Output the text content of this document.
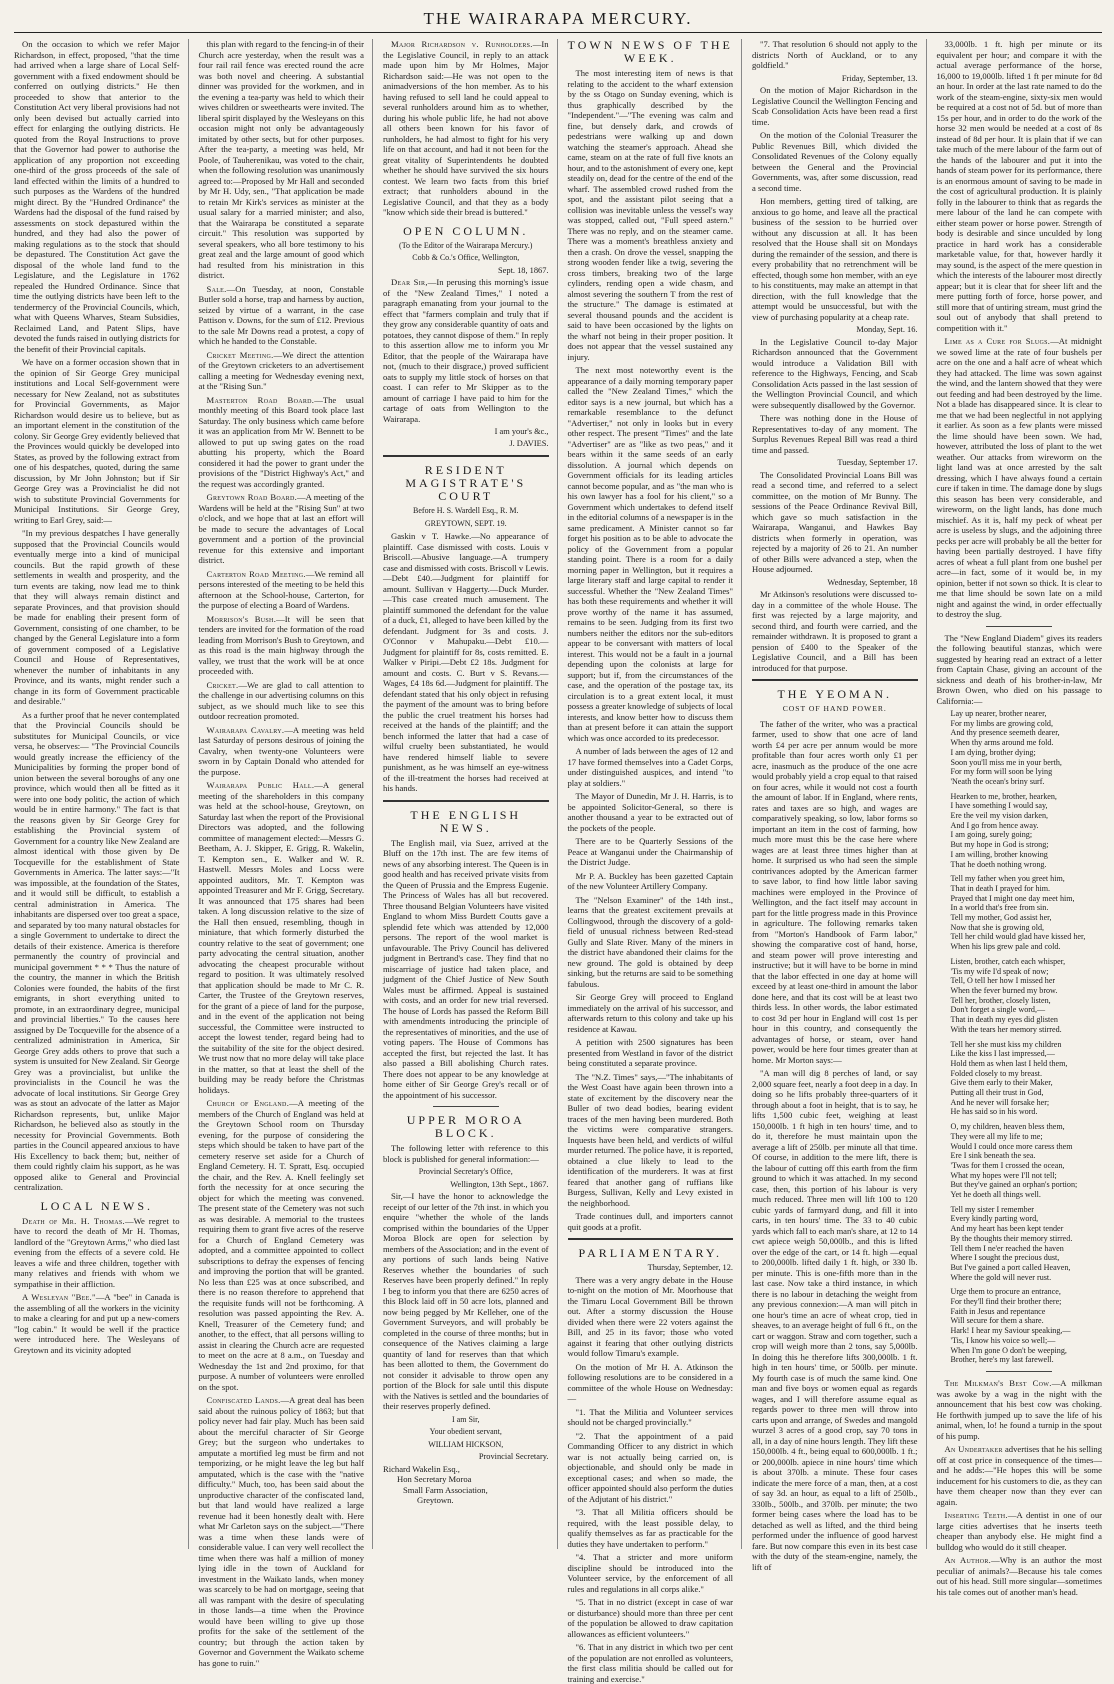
THE WAIRARAPA MERCURY.

On the occasion to which we refer Major Richardson, in effect, proposed, "that the time had arrived when a large share of Local Self-government with a fixed endowment should be conferred on outlying districts." He then proceeded to show that anterior to the Constitution Act very liberal provisions had not only been devised but actually carried into effect for enlarging the outlying districts. He quoted from the Royal Instructions to prove that the Governor had power to authorise the application of any proportion not exceeding one-third of the gross proceeds of the sale of land effected within the limits of a hundred to such purposes as the Wardens of the hundred might direct. By the "Hundred Ordinance" the Wardens had the disposal of the fund raised by assessments on stock depastured within the hundred, and they had also the power of making regulations as to the stock that should be depastured. The Constitution Act gave the disposal of the whole land fund to the Legislature, and the Legislature in 1762 repealed the Hundred Ordinance. Since that time the outlying districts have been left to the tendermercy of the Provincial Councils, which, what with Queens Wharves, Steam Subsidies, Reclaimed Land, and Patent Slips, have devoted the funds raised in outlying districts for the benefit of their Provincial capitals.

We have on a former occasion shown that in the opinion of Sir George Grey municipal institutions and Local Self-government were necessary for New Zealand, not as substitutes for Provincial Governments, as Major Richardson would desire us to believe, but as an important element in the constitution of the colony. Sir George Grey evidently believed that the Provinces would quickly be developed into States, as proved by the following extract from one of his despatches, quoted, during the same discussion, by Mr John Johnston; but if Sir George Grey was a Provincialist he did not wish to substitute Provincial Governments for Municipal Institutions. Sir George Grey, writing to Earl Grey, said:—

"In my previous despatches I have generally supposed that the Provincial Councils would eventually merge into a kind of municipal councils. But the rapid growth of these settlements in wealth and prosperity, and the turn events are taking, now lead me to think that they will always remain distinct and separate Provinces, and that provision should be made for enabling their present form of Government, consisting of one chamber, to be changed by the General Legislature into a form of government composed of a Legislative Council and House of Representatives, whenever the number of inhabitants in any Province, and its wants, might render such a change in its form of Government practicable and desirable."

As a further proof that he never contemplated that the Provincial Councils should be substitutes for Municipal Councils, or vice versa, he observes:— "The Provincial Councils would greatly increase the efficiency of the Municipalities by forming the proper bond of union between the several boroughs of any one province, which would then all be fitted as it were into one body politic, the action of which would be in entire harmony." The fact is that the reasons given by Sir George Grey for establishing the Provincial system of Government for a country like New Zealand are almost identical with those given by De Tocqueville for the establishment of State Governments in America. The latter says:—"It was impossible, at the foundation of the States, and it would still be difficult, to establish a central administration in America. The inhabitants are dispersed over too great a space, and separated by too many natural obstacles for a single Government to undertake to direct the details of their existence. America is therefore permanently the country of provincial and municipal government * * * Thus the nature of the country, the manner in which the British Colonies were founded, the habits of the first emigrants, in short everything united to promote, in an extraordinary degree, municipal and provincial liberties." To the causes here assigned by De Tocqueville for the absence of a centralized administration in America, Sir George Grey adds others to prove that such a system is unsuited for New Zealand. Sir George Grey was a provincialist, but unlike the provincialists in the Council he was the advocate of local institutions. Sir George Grey was as stout an advocate of the latter as Major Richardson represents, but, unlike Major Richardson, he believed also as stoutly in the necessity for Provincial Governments. Both parties in the Council appeared anxious to have His Excellency to back them; but, neither of them could rightly claim his support, as he was opposed alike to General and Provincial centralization.

LOCAL NEWS.

Death of Mr. H. Thomas.—We regret to have to record the death of Mr H. Thomas, landlord of the "Greytown Arms," who died last evening from the effects of a severe cold. He leaves a wife and three children, together with many relatives and friends with whom we sympathise in their affliction.

A Wesleyan "Bee."—A "bee" in Canada is the assembling of all the workers in the vicinity to make a clearing for and put up a new-comers "log cabin." It would be well if the practice were introduced here. The Wesleyans of Greytown and its vicinity adopted

this plan with regard to the fencing-in of their Church acre yesterday, when the result was a four rail rail fence was erected round the acre was both novel and cheering. A substantial dinner was provided for the workmen, and in the evening a tea-party was held to which their wives children or sweethearts were invited. The liberal spirit displayed by the Wesleyans on this occasion might not only be advantageously imitated by other sects, but for other purposes. After the tea-party, a meeting was held, Mr Poole, of Tauherenikau, was voted to the chair, when the following resolution was unanimously agreed to:—Proposed by Mr Hall and seconded by Mr H. Udy, sen., "That application be made to retain Mr Kirk's services as minister at the usual salary for a married minister; and also, that the Wairarapa be constituted a separate circuit." This resolution was supported by several speakers, who all bore testimony to his great zeal and the large amount of good which had resulted from his ministration in this district.

Sale.—On Tuesday, at noon, Constable Butler sold a horse, trap and harness by auction, seized by virtue of a warrant, in the case Pattison v. Downs, for the sum of £12. Previous to the sale Mr Downs read a protest, a copy of which he handed to the Constable.

Cricket Meeting.—We direct the attention of the Greytown cricketers to an advertisement calling a meeting for Wednesday evening next, at the "Rising Sun."

Masterton Road Board.—The usual monthly meeting of this Board took place last Saturday. The only business which came before it was an application from Mr W. Bennett to be allowed to put up swing gates on the road abutting his property, which the Board considered it had the power to grant under the provisions of the "District Highway's Act," and the request was accordingly granted.

Greytown Road Board.—A meeting of the Wardens will be held at the "Rising Sun" at two o'clock, and we hope that at last an effort will be made to secure the advantages of Local government and a portion of the provincial revenue for this extensive and important district.

Carterton Road Meeting.—We remind all persons interested of the meeting to be held this afternoon at the School-house, Carterton, for the purpose of electing a Board of Wardens.

Morrison's Bush.—It will be seen that tenders are invited for the formation of the road leading from Morrison's Bush to Greytown, and as this road is the main highway through the valley, we trust that the work will be at once proceeded with.

Cricket.—We are glad to call attention to the challenge in our advertising columns on this subject, as we should much like to see this outdoor recreation promoted.

Wairarapa Cavalry.—A meeting was held last Saturday of persons desirous of joining the Cavalry, when twenty-one Volunteers were sworn in by Captain Donald who attended for the purpose.

Wairarapa Public Hall.—A general meeting of the shareholders in this company was held at the school-house, Greytown, on Saturday last when the report of the Provisional Directors was adopted, and the following committee of management elected:—Messrs G. Beetham, A. J. Skipper, E. Grigg, R. Wakelin, T. Kempton sen., E. Walker and W. R. Hastwell. Messrs Moles and Locss were appointed auditors, Mr. T. Kempton was appointed Treasurer and Mr F. Grigg, Secretary. It was announced that 175 shares had been taken. A long discussion relative to the size of the Hall then ensued, resembling, though in miniature, that which formerly disturbed the country relative to the seat of government; one party advocating the central situation, another advocating the cheapest procurable without regard to position. It was ultimately resolved that application should be made to Mr C. R. Carter, the Trustee of the Greytown reserves, for the grant of a piece of land for the purpose, and in the event of the application not being successful, the Committee were instructed to accept the lowest tender, regard being had to the suitability of the site for the object desired. We trust now that no more delay will take place in the matter, so that at least the shell of the building may be ready before the Christmas holidays.

Church of England.—A meeting of the members of the Church of England was held at the Greytown School room on Thursday evening, for the purpose of considering the steps which should be taken to have part of the cemetery reserve set aside for a Church of England Cemetery. H. T. Spratt, Esq. occupied the chair, and the Rev. A. Knell feelingly set forth the necessity for at once securing the object for which the meeting was convened. The present state of the Cemetery was not such as was desirable. A memorial to the trustees requiring them to grant five acres of the reserve for a Church of England Cemetery was adopted, and a committee appointed to collect subscriptions to defray the expenses of fencing and improving the portion that will be granted. No less than £25 was at once subscribed, and there is no reason therefore to apprehend that the requisite funds will not be forthcoming. A resolution was passed appointing the Rev. A. Knell, Treasurer of the Cemetery fund; and another, to the effect, that all persons willing to assist in clearing the Church acre are requested to meet on the acre at 8 a.m., on Tuesday and Wednesday the 1st and 2nd proximo, for that purpose. A number of volunteers were enrolled on the spot.

Confiscated Lands.—A great deal has been said about the ruinous policy of 1863; but that policy never had fair play. Much has been said about the merciful character of Sir George Grey; but the surgeon who undertakes to amputate a mortified leg must be firm and not temporizing, or he might leave the leg but half amputated, which is the case with the "native difficulty." Much, too, has been said about the unproductive character of the confiscated land, but that land would have realized a large revenue had it been honestly dealt with. Here what Mr Carleton says on the subject.—"There was a time when these lands were of considerable value. I can very well recollect the time when there was half a million of money lying idle in the town of Auckland for investment in the Waikato lands, when money was scarcely to be had on mortgage, seeing that all was rampant with the desire of speculating in those lands—a time when the Province would have been willing to give up those profits for the sake of the settlement of the country; but through the action taken by Governor and Government the Waikato scheme has gone to ruin."

Major Richardson v. Runholders.—In the Legislative Council, in reply to an attack made upon him by Mr Holmes, Major Richardson said:—He was not open to the animadversions of the hon member. As to his having refused to sell land he could appeal to several runholders around him as to whether, during his whole public life, he had not above all others been known for his favor of runholders, he had almost to fight for his very life on that account, and had it not been for the great vitality of Superintendents he doubted whether he should have survived the six hours contest. We learn two facts from this brief extract; that runholders abound in the Legislative Council, and that they as a body "know which side their bread is buttered."

OPEN COLUMN.
(To the Editor of the Wairarapa Mercury.)
Cobb & Co.'s Office, Wellington,
Sept. 18, 1867.

Dear Sir,—In perusing this morning's issue of the "New Zealand Times," I noted a paragraph emanating from your journal to the effect that "farmers complain and truly that if they grow any considerable quantity of oats and potatoes, they cannot dispose of them." In reply to this assertion allow me to inform you Mr Editor, that the people of the Wairarapa have not, (much to their disgrace,) proved sufficient oats to supply my little stock of horses on that coast. I can refer to Mr Skipper as to the amount of carriage I have paid to him for the cartage of oats from Wellington to the Wairarapa.

I am your's &c.,
J. DAVIES.
RESIDENT MAGISTRATE'S COURT
Before H. S. Wardell Esq., R. M.
GREYTOWN, SEPT. 19.

Gaskin v T. Hawke.—No appearance of plaintiff. Case dismissed with costs. Louis v Briscoll.—Abusive language.—A trumpery case and dismissed with costs. Briscoll v Lewis.—Debt £40.—Judgment for plaintiff for amount. Sullivan v Haggerty.—Duck Murder.—This case created much amusement. The plaintiff summoned the defendant for the value of a duck, £1, alleged to have been killed by the defendant. Judgment for 3s and costs. J. O'Connor v Mahupaku.—Debt £10.—Judgment for plaintiff for 8s, costs remitted. E. Walker v Piripi.—Debt £2 18s. Judgment for amount and costs. C. Burt v S. Revans.—Wages, £4 18s 6d.—Judgment for plaintiff. The defendant stated that his only object in refusing the payment of the amount was to bring before the public the cruel treatment his horses had received at the hands of the plaintiff; and the bench informed the latter that had a case of wilful cruelty been substantiated, he would have rendered himself liable to severe punishment, as he was himself an eye-witness of the ill-treatment the horses had received at his hands.

THE ENGLISH NEWS.

The English mail, via Suez, arrived at the Bluff on the 17th inst. The are few items of news of any absorbing interest. The Queen is in good health and has received private visits from the Queen of Prussia and the Empress Eugenie. The Princess of Wales has all but recovered. Three thousand Belgian Volunteers have visited England to whom Miss Burdett Coutts gave a splendid fete which was attended by 12,000 persons. The report of the wool market is unfavourable. The Privy Council has delivered judgment in Bertrand's case. They find that no miscarriage of justice had taken place, and judgment of the Chief Justice of New South Wales must be affirmed. Appeal is sustained with costs, and an order for new trial reversed. The house of Lords has passed the Reform Bill with amendments introducing the principle of the representatives of minorities, and the use of voting papers. The House of Commons has accepted the first, but rejected the last. It has also passed a Bill abolishing Church rates. There does not appear to be any knowledge at home either of Sir George Grey's recall or of the appointment of his successor.

UPPER MOROA BLOCK.

The following letter with reference to this block is published for general information:—

Provincial Secretary's Office,
Wellington, 13th Sept., 1867.

Sir,—I have the honor to acknowledge the receipt of our letter of the 7th inst. in which you enquire "whether the whole of the lands comprised within the boundaries of the Upper Moroa Block are open for selection by members of the Association; and in the event of any portions of such lands being Native Reserves whether the boundaries of such Reserves have been properly defined." In reply I beg to inform you that there are 6250 acres of this Block laid off in 50 acre lots, planned and now being pegged by Mr Kelleher, one of the Government Surveyors, and will probably be completed in the course of three months; but in consequence of the Natives claiming a large quantity of land for reserves than that which has been allotted to them, the Government do not consider it advisable to throw open any portion of the Block for sale until this dispute with the Natives is settled and the boundaries of their reserves properly defined.

I am Sir,
Your obedient servant,
WILLIAM HICKSON,
Provincial Secretary.
Richard Wakelin Esq.,
Hon Secretary Moroa
Small Farm Association,
Greytown.
TOWN NEWS OF THE WEEK.

The most interesting item of news is that relating to the accident to the wharf extension by the ss Otago on Sunday evening, which is thus graphically described by the "Independent."—"The evening was calm and fine, but densely dark, and crowds of pedestrians were walking up and down watching the steamer's approach. Ahead she came, steam on at the rate of full five knots an hour, and to the astonishment of every one, kept steadily on, dead for the centre of the end of the wharf. The assembled crowd rushed from the spot, and the assistant pilot seeing that a collision was inevitable unless the vessel's way was stopped, called out, "Full speed astern." There was no reply, and on the steamer came. There was a moment's breathless anxiety and then a crash. On drove the vessel, snapping the strong wooden fender like a twig, severing the cross timbers, breaking two of the large cylinders, rending open a wide chasm, and almost severing the southern T from the rest of the structure." The damage is estimated at several thousand pounds and the accident is said to have been occasioned by the lights on the wharf not being in their proper position. It does not appear that the vessel sustained any injury.

The next most noteworthy event is the appearance of a daily morning temporary paper called the "New Zealand Times," which the editor says is a new journal, but which has a remarkable resemblance to the defunct "Advertiser," not only in looks but in every other respect. The present "Times" and the late "Advertiser" are as "like as two peas," and it bears within it the same seeds of an early dissolution. A journal which depends on Government officials for its leading articles cannot become popular, and as "the man who is his own lawyer has a fool for his client," so a Government which undertakes to defend itself in the editorial columns of a newspaper is in the same predicament. A Minister cannot so far forget his position as to be able to advocate the policy of the Government from a popular standing point. There is a room for a daily morning paper in Wellington, but it requires a large literary staff and large capital to render it successful. Whether the "New Zealand Times" has both these requirements and whether it will prove worthy of the name it has assumed, remains to be seen. Judging from its first two numbers neither the editors nor the sub-editors appear to be conversant with matters of local interest. This would not be a fault in a journal depending upon the colonists at large for support; but if, from the circumstances of the case, and the operation of the postage tax, its circulation is to a great extent local, it must possess a greater knowledge of subjects of local interests, and know better how to discuss them than at present before it can attain the support which was once accorded to its predecessor.

A number of lads between the ages of 12 and 17 have formed themselves into a Cadet Corps, under distinguished auspices, and intend "to play at soldiers."

The Mayor of Dunedin, Mr J. H. Harris, is to be appointed Solicitor-General, so there is another thousand a year to be extracted out of the pockets of the people.

There are to be Quarterly Sessions of the Peace at Wanganui under the Chairmanship of the District Judge.

Mr P. A. Buckley has been gazetted Captain of the new Volunteer Artillery Company.

The "Nelson Examiner" of the 14th inst., learns that the greatest excitement prevails at Collingwood, through the discovery of a gold-field of unusual richness between Red-stead Gully and Slate River. Many of the miners in the district have abandoned their claims for the new ground. The gold is obtained by deep sinking, but the returns are said to be something fabulous.

Sir George Grey will proceed to England immediately on the arrival of his successor, and afterwards return to this colony and take up his residence at Kawau.

A petition with 2500 signatures has been presented from Westland in favor of the district being constituted a separate province.

The "N.Z. Times" says,—"The inhabitants of the West Coast have again been thrown into a state of excitement by the discovery near the Buller of two dead bodies, bearing evident traces of the men having been murdered. Both the victims were comparative strangers. Inquests have been held, and verdicts of wilful murder returned. The police have, it is reported, obtained a clue likely to lead to the identification of the murderers. It was at first feared that another gang of ruffians like Burgess, Sullivan, Kelly and Levy existed in the neighborhood.

Trade continues dull, and importers cannot quit goods at a profit.

PARLIAMENTARY.
Thursday, September, 12.

There was a very angry debate in the House to-night on the motion of Mr. Moorhouse that the Timaru Local Government Bill be thrown out. After a stormy discussion the House divided when there were 22 voters against the Bill, and 25 in its favor; those who voted against it fearing that other outlying districts would follow Timaru's example.

On the motion of Mr H. A. Atkinson the following resolutions are to be considered in a committee of the whole House on Wednesday:—

"1. That the Militia and Volunteer services should not be charged provincially."

"2. That the appointment of a paid Commanding Officer to any district in which war is not actually being carried on, is objectionable, and should only be made in exceptional cases; and when so made, the officer appointed should also perform the duties of the Adjutant of his district."

"3. That all Militia officers should be required, with the least possible delay, to qualify themselves as far as practicable for the duties they have undertaken to perform."

"4. That a stricter and more uniform discipline should be introduced into the Volunteer service, by the enforcement of all rules and regulations in all corps alike."

"5. That in no district (except in case of war or disturbance) should more than three per cent of the population be allowed to draw capitation allowances as efficient volunteers."

"6. That in any district in which two per cent of the population are not enrolled as volunteers, the first class militia should be called out for training and exercise."

"7. That resolution 6 should not apply to the districts North of Auckland, or to any goldfield."

Friday, September, 13.

On the motion of Major Richardson in the Legislative Council the Wellington Fencing and Scab Consolidation Acts have been read a first time.

On the motion of the Colonial Treasurer the Public Revenues Bill, which divided the Consolidated Revenues of the Colony equally between the General and the Provincial Governments, was, after some discussion, read a second time.

Hon members, getting tired of talking, are anxious to go home, and leave all the practical business of the session to be hurried over without any discussion at all. It has been resolved that the House shall sit on Mondays during the remainder of the session, and there is every probability that no retrenchment will be effected, though some hon member, with an eye to his constituents, may make an attempt in that direction, with the full knowledge that the attempt would be unsuccessful, but with the view of purchasing popularity at a cheap rate.

Monday, Sept. 16.

In the Legislative Council to-day Major Richardson announced that the Government would introduce a Validation Bill with reference to the Highways, Fencing, and Scab Consolidation Acts passed in the last session of the Wellington Provincial Council, and which were subsequently disallowed by the Governor.

There was nothing done in the House of Representatives to-day of any moment. The Surplus Revenues Repeal Bill was read a third time and passed.

Tuesday, September 17.

The Consolidated Provincial Loans Bill was read a second time, and referred to a select committee, on the motion of Mr Bunny. The sessions of the Peace Ordinance Revival Bill, which gave so much satisfaction in the Wairarapa, Wanganui, and Hawkes Bay districts when formerly in operation, was rejected by a majority of 26 to 21. An number of other Bills were advanced a step, when the House adjourned.

Wednesday, September, 18

Mr Atkinson's resolutions were discussed to-day in a committee of the whole House. The first was rejected by a large majority, and second third, and fourth were carried, and the remainder withdrawn. It is proposed to grant a pension of £400 to the Speaker of the Legislative Council, and a Bill has been introduced for that purpose.

THE YEOMAN.
COST OF HAND POWER.

The father of the writer, who was a practical farmer, used to show that one acre of land worth £4 per acre per annum would be more profitable than four acres worth only £1 per acre, inasmuch as the produce of the one acre would probably yield a crop equal to that raised on four acres, while it would not cost a fourth the amount of labor. If in England, where rents, rates and taxes are so high, and wages are comparatively speaking, so low, labor forms so important an item in the cost of farming, how much more must this be the case here where wages are at least three times higher than at home. It surprised us who had seen the simple contrivances adopted by the American farmer to save labor, to find how little labor saving machines were employed in the Province of Wellington, and the fact itself may account in part for the little progress made in this Province in agriculture. The following remarks taken from "Morton's Handbook of Farm labor," showing the comparative cost of hand, horse, and steam power will prove interesting and instructive; but it will have to be borne in mind that the labor effected in one day at home will exceed by at least one-third in amount the labor done here, and that its cost will be at least two thirds less. In other words, the labor estimated to cost 3d per hour in England will cost 1s per hour in this country, and consequently the advantages of horse, or steam, over hand power, would be here four times greater than at home. Mr Morton says:—

"A man will dig 8 perches of land, or say 2,000 square feet, nearly a foot deep in a day. In doing so he lifts probably three-quarters of it through about a foot in height, that is to say, he lifts 1,500 cubic feet, weighing at least 150,000lb. 1 ft high in ten hours' time, and to do it, therefore he must maintain upon the average a lift of 250lb. per minute all that time. Of course, in addition to the mere lift, there is the labour of cutting off this earth from the firm ground to which it was attached. In my second case, then, this portion of his labour is very much reduced. Three men will lift 100 to 120 cubic yards of farmyard dung, and fill it into carts, in ten hours' time. The 33 to 40 cubic yards which fall to each man's share, at 12 to 14 cwt apiece weigh 50,000lb., and this is lifted over the edge of the cart, or 14 ft. high —equal to 200,000lb. lifted daily 1 ft. high, or 330 lb. per minute. This is one-fifth more than in the last case. Now take a third instance, in which there is no labour in detaching the weight from any previous connexion:—A man will pitch in one hour's time an acre of wheat crop, tied in sheaves, to an average height of full 6 ft., on the cart or waggon. Straw and corn together, such a crop will weigh more than 2 tons, say 5,000lb. In doing this he therefore lifts 300,000lb. 1 ft. high in ten hours' time, or 500lb. per minute. My fourth case is of much the same kind. One man and five boys or women equal as regards wages, and I will therefore assume equal as regards power to three men will throw into carts upon and arrange, of Swedes and mangold wurzel 3 acres of a good crop, say 70 tons in all, in a day of nine hours length. They lift these 150,000lb. 4 ft., being equal to 600,000lb. 1 ft.; or 200,000lb. apiece in nine hours' time which is about 370lb. a minute. These four cases indicate the mere force of a man, then, at a cost of say 3d. an hour, as equal to a lift of 250lb., 330lb., 500lb., and 370lb. per minute; the two former being cases where the load has to be detached as well as lifted, and the third being performed under the influence of good harvest fare. But now compare this even in its best case with the duty of the steam-engine, namely, the lift of

33,000lb. 1 ft. high per minute or its equivalent per hour; and compare it with the actual average performance of the horse, 16,000 to 19,000lb. lifted 1 ft per minute for 8d an hour. In order at the last rate named to do the work of the steam-engine, sixty-six men would be required at a cost not of 5d. but of more than 15s per hour, and in order to do the work of the horse 32 men would be needed at a cost of 8s instead of 8d per hour. It is plain that if we can take much of the mere labour of the farm out of the hands of the labourer and put it into the hands of steam power for its performance, there is an enormous amount of saving to be made in the cost of agricultural production. It is plainly folly in the labourer to think that as regards the mere labour of the land he can compete with either steam power or horse power. Strength of body is desirable and since unculded by long practice in hard work has a considerable marketable value, for that, however hardly it may sound, is the aspect of the mere question in which the interests of the labourer most directly appear; but it is clear that for sheer lift and the mere putting forth of force, horse power, and still more that of untiring stream, must grind the soul out of anybody that shall pretend to competition with it."

Lime as a Cure for Slugs.—At midnight we sowed lime at the rate of four bushels per acre on the one and a half acre of wheat which they had attacked. The lime was sown against the wind, and the lantern showed that they were out feeding and had been destroyed by the lime. Not a blade has disappeared since. It is clear to me that we had been neglectful in not applying it earlier. As soon as a few plants were missed the lime should have been sown. We had, however, attributed the loss of plant to the wet weather. Our attacks from wireworm on the light land was at once arrested by the salt dressing, which I have always found a certain cure if taken in time. The damage done by slugs this season has been very considerable, and wireworm, on the light lands, has done much mischief. As it is, half my peck of wheat per acre is useless by slugs, and the adjoining three pecks per acre will probably be all the better for having been partially destroyed. I have fifty acres of wheat a full plant from one bushel per acre—in fact, some of it would be, in my opinion, better if not sown so thick. It is clear to me that lime should be sown late on a mild night and against the wind, in order effectually to destroy the slug.

The "New England Diadem" gives its readers the following beautiful stanzas, which were suggested by hearing read an extract of a letter from Captain Chase, giving an account of the sickness and death of his brother-in-law, Mr Brown Owen, who died on his passage to California:—

Lay up nearer, brother nearer,
For my limbs are growing cold,
And thy presence seemeth dearer,
When thy arms around me fold.
I am dying, brother dying;
Soon you'll miss me in your berth,
For my form will soon be lying
'Neath the ocean's briny surf.
Hearken to me, brother, hearken,
I have something I would say,
Ere the veil my vision darken,
And I go from hence away.
I am going, surely going;
But my hope in God is strong;
I am willing, brother knowing
That he doeth nothing wrong.
Tell my father when you greet him,
That in death I prayed for him.
Prayed that I might one day meet him,
In a world that's free from sin.
Tell my mother, God assist her,
Now that she is growing old,
Tell her child would glad have kissed her,
When his lips grew pale and cold.
Listen, brother, catch each whisper,
'Tis my wife I'd speak of now;
Tell, O tell her how I missed her
When the fever burned my brow.
Tell her, brother, closely listen,
Don't forget a single word,—
That in death my eyes did glisten
With the tears her memory stirred.
Tell her she must kiss my children
Like the kiss I last impressed,—
Hold them as when last I held them,
Folded closely to my breast.
Give them early to their Maker,
Putting all their trust in God,
And he never will forsake her;
He has said so in his word.
O, my children, heaven bless them,
They were all my life to me;
Would I could once more caress them
Ere I sink beneath the sea.
'Twas for them I crossed the ocean,
What my hopes were I'll not tell;
But they've gained an orphan's portion;
Yet he doeth all things well.
Tell my sister I remember
Every kindly parting word,
And my heart has been kept tender
By the thoughts their memory stirred.
Tell them I ne'er reached the haven
Where I sought the precious dust,
But I've gained a port called Heaven,
Where the gold will never rust.
Urge them to procure an entrance,
For they'll find their brother there;
Faith in Jesus and repentance
Will secure for them a share.
Hark! I hear my Saviour speaking,—
'Tis, I know his voice so well;—
When I'm gone O don't be weeping,
Brother, here's my last farewell.

The Milkman's Best Cow.—A milkman was awoke by a wag in the night with the announcement that his best cow was choking. He forthwith jumped up to save the life of his animal, when, lo! he found a turnip in the spout of his pump.

An Undertaker advertises that he his selling off at cost price in consequence of the times—and he adds:—"He hopes this will be some inducement for his customers to die, as they can have them cheaper now than they ever can again.

Inserting Teeth.—A dentist in one of our large cities advertises that he inserts teeth cheaper than anybody else. He might find a bulldog who would do it still cheaper.

An Author.—Why is an author the most peculiar of animals?—Because his tale comes out of his head. Still more singular—sometimes his tale comes out of another man's head.
